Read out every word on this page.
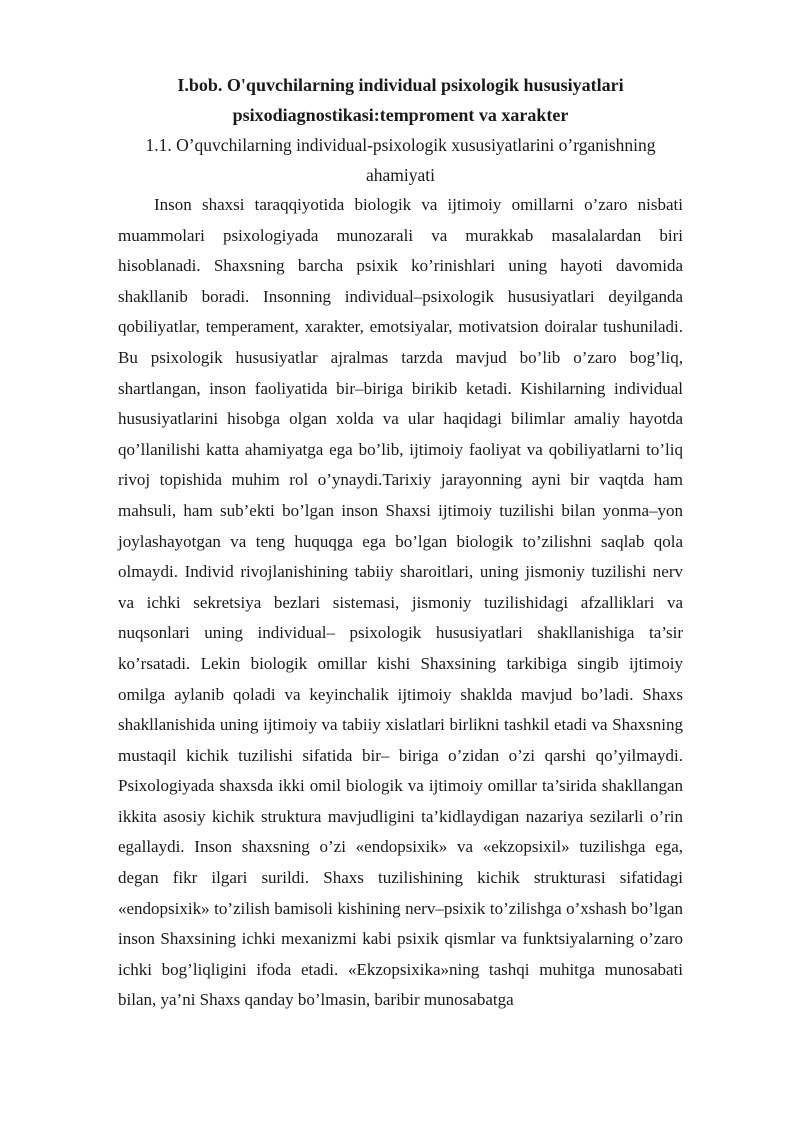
I.bob. O'quvchilarning individual psixologik hususiyatlari psixodiagnostikasi:temproment va xarakter
1.1. O’quvchilarning individual-psixologik xususiyatlarini o’rganishning ahamiyati

Inson shaxsi taraqqiyotida biologik va ijtimoiy omillarni o’zaro nisbati muammolari psixologiyada munozarali va murakkab masalalardan biri hisoblanadi. Shaxsning barcha psixik ko’rinishlari uning hayoti davomida shakllanib boradi. Insonning individual–psixologik hususiyatlari deyilganda qobiliyatlar, temperament, xarakter, emotsiyalar, motivatsion doiralar tushuniladi. Bu psixologik hususiyatlar ajralmas tarzda mavjud bo’lib o’zaro bog’liq, shartlangan, inson faoliyatida bir–biriga birikib ketadi. Kishilarning individual hususiyatlarini hisobga olgan xolda va ular haqidagi bilimlar amaliy hayotda qo’llanilishi katta ahamiyatga ega bo’lib, ijtimoiy faoliyat va qobiliyatlarni to’liq rivoj topishida muhim rol o’ynaydi.Tarixiy jarayonning ayni bir vaqtda ham mahsuli, ham sub’ekti bo’lgan inson Shaxsi ijtimoiy tuzilishi bilan yonma–yon joylashayotgan va teng huquqga ega bo’lgan biologik to’zilishni saqlab qola olmaydi. Individ rivojlanishining tabiiy sharoitlari, uning jismoniy tuzilishi nerv va ichki sekretsiya bezlari sistemasi, jismoniy tuzilishidagi afzalliklari va nuqsonlari uning individual– psixologik hususiyatlari shakllanishiga ta’sir ko’rsatadi. Lekin biologik omillar kishi Shaxsining tarkibiga singib ijtimoiy omilga aylanib qoladi va keyinchalik ijtimoiy shaklda mavjud bo’ladi. Shaxs shakllanishida uning ijtimoiy va tabiiy xislatlari birlikni tashkil etadi va Shaxsning mustaqil kichik tuzilishi sifatida bir– biriga o’zidan o’zi qarshi qo’yilmaydi. Psixologiyada shaxsda ikki omil biologik va ijtimoiy omillar ta’sirida shakllangan ikkita asosiy kichik struktura mavjudligini ta’kidlaydigan nazariya sezilarli o’rin egallaydi. Inson shaxsning o’zi «endopsixik» va «ekzopsixil» tuzilishga ega, degan fikr ilgari surildi. Shaxs tuzilishining kichik strukturasi sifatidagi «endopsixik» to’zilish bamisoli kishining nerv–psixik to’zilishga o’xshash bo’lgan inson Shaxsining ichki mexanizmi kabi psixik qismlar va funktsiyalarning o’zaro ichki bog’liqligini ifoda etadi. «Ekzopsixika»ning tashqi muhitga munosabati bilan, ya’ni Shaxs qanday bo’lmasin, baribir munosabatga
